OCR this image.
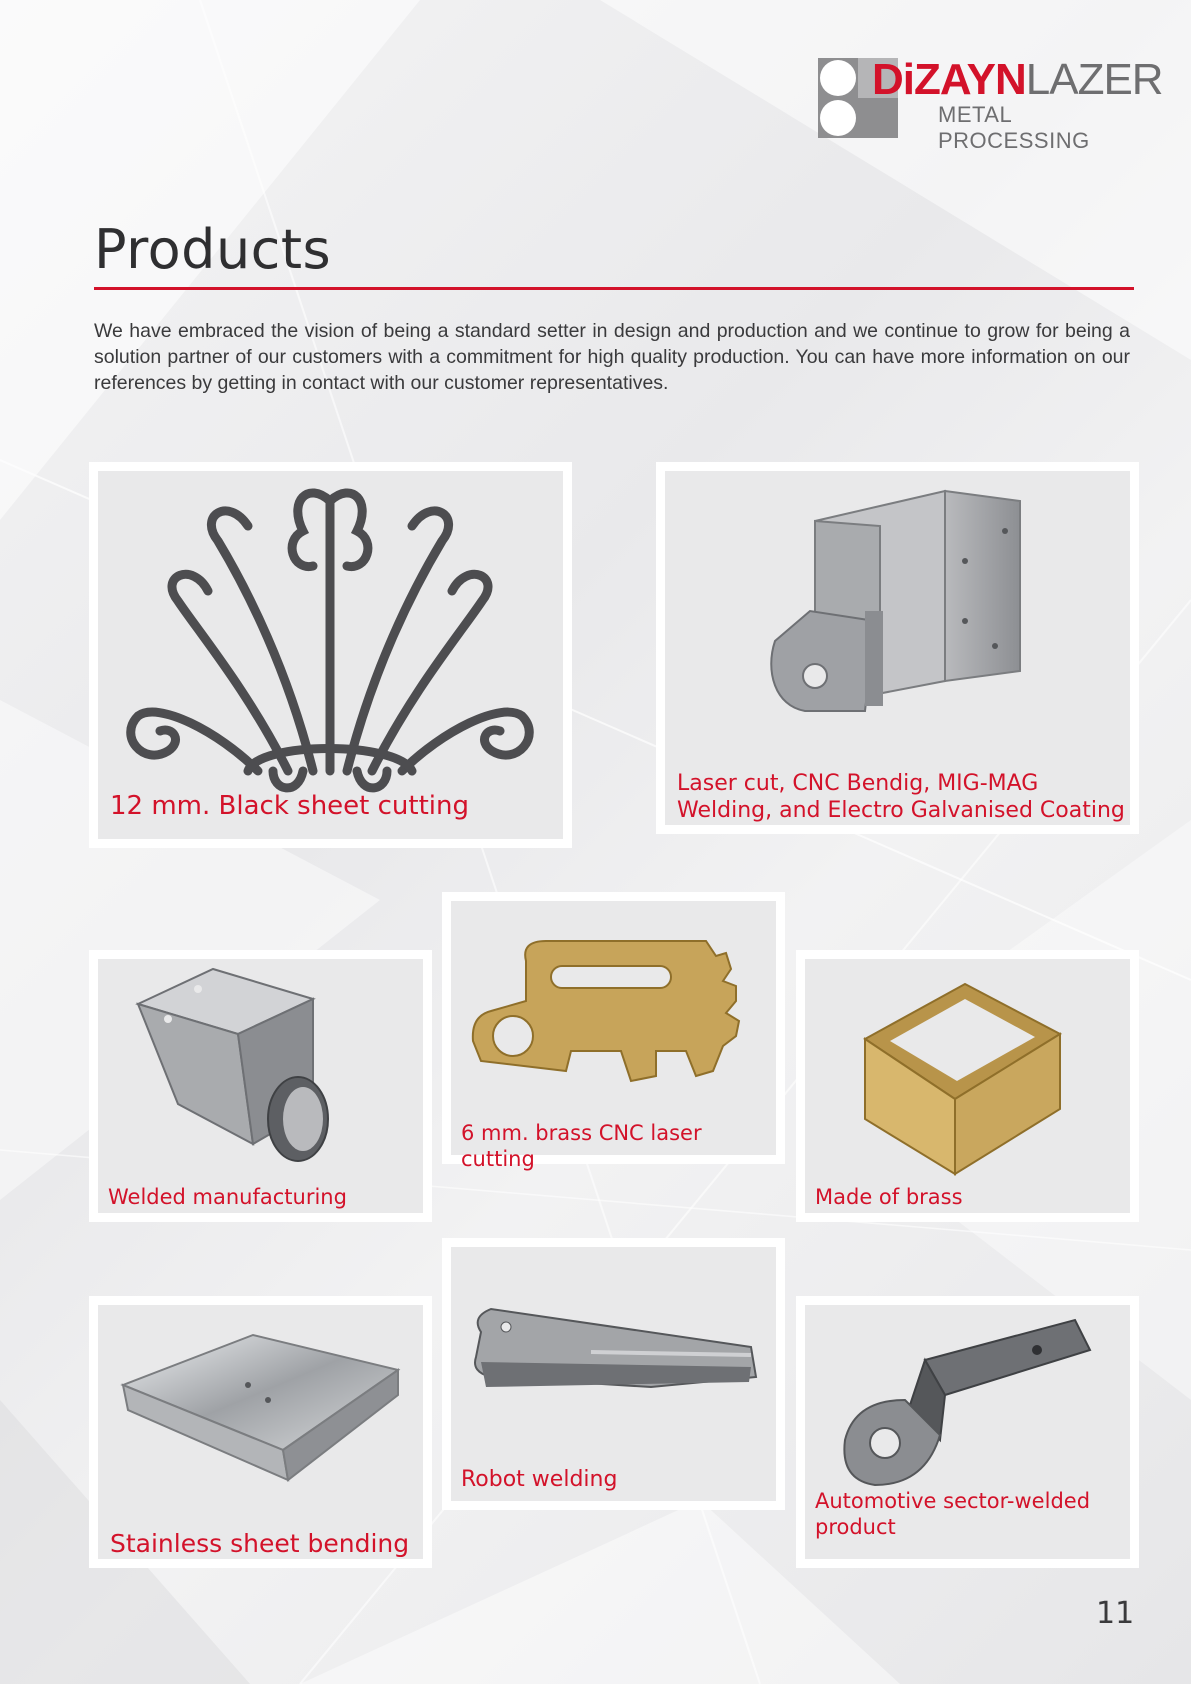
DiZAYNLAZER
METAL PROCESSING
Products

We have embraced the vision of being a standard setter in design and production and we continue to grow for being a solution partner of our customers with a commitment for high quality production. You can have more information on our references by getting in contact with our customer representatives.

12 mm. Black sheet cutting
Laser cut, CNC Bendig, MIG-MAG Welding, and Electro Galvanised Coating
6 mm. brass CNC laser cutting
Welded manufacturing	Made of brass
Robot welding
Stainless sheet bending
Automotive sector-welded product
11
